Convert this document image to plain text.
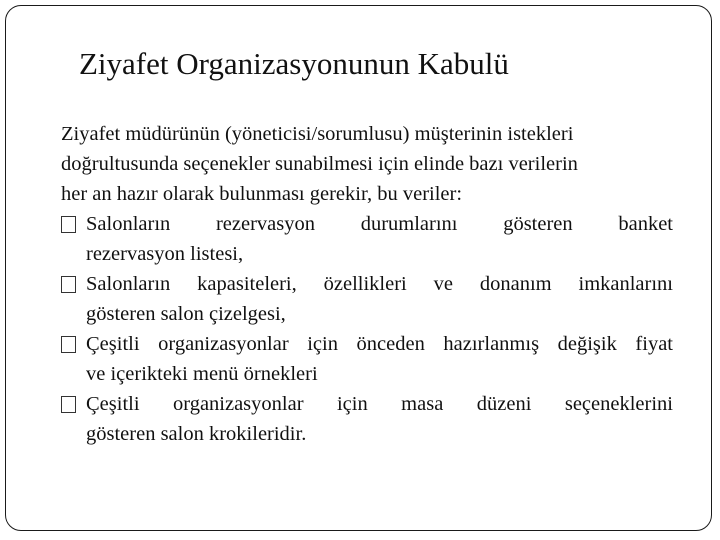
Ziyafet Organizasyonunun Kabulü

Ziyafet müdürünün (yöneticisi/sorumlusu) müşterinin istekleri
doğrultusunda seçenekler sunabilmesi için elinde bazı verilerin
her an hazır olarak bulunması gerekir, bu veriler:

Salonların rezervasyon durumlarını gösteren banket
rezervasyon listesi,
Salonların kapasiteleri, özellikleri ve donanım imkanlarını
gösteren salon çizelgesi,
Çeşitli organizasyonlar için önceden hazırlanmış değişik fiyat
ve içerikteki menü örnekleri
Çeşitli organizasyonlar için masa düzeni seçeneklerini
gösteren salon krokileridir.
